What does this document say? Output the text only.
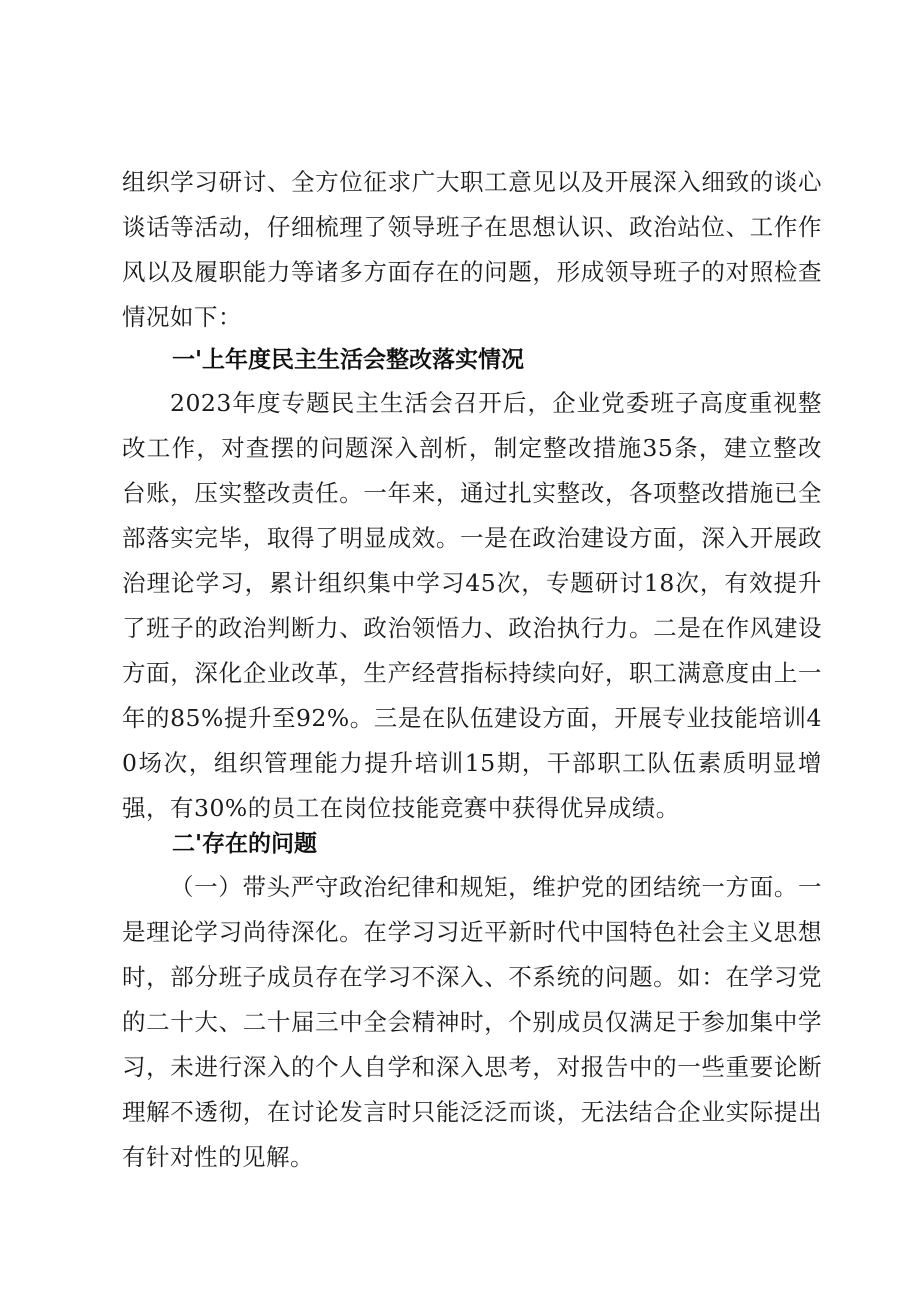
组织学习研讨、全方位征求广大职工意见以及开展深入细致的谈心谈话等活动，仔细梳理了领导班子在思想认识、政治站位、工作作风以及履职能力等诸多方面存在的问题，形成领导班子的对照检查情况如下：

一'上年度民主生活会整改落实情况

2023年度专题民主生活会召开后，企业党委班子高度重视整改工作，对查摆的问题深入剖析，制定整改措施35条，建立整改台账，压实整改责任。一年来，通过扎实整改，各项整改措施已全部落实完毕，取得了明显成效。一是在政治建设方面，深入开展政治理论学习，累计组织集中学习45次，专题研讨18次，有效提升了班子的政治判断力、政治领悟力、政治执行力。二是在作风建设方面，深化企业改革，生产经营指标持续向好，职工满意度由上一年的85%提升至92%。三是在队伍建设方面，开展专业技能培训40场次，组织管理能力提升培训15期，干部职工队伍素质明显增强，有30%的员工在岗位技能竞赛中获得优异成绩。

二'存在的问题

（一）带头严守政治纪律和规矩，维护党的团结统一方面。一是理论学习尚待深化。在学习习近平新时代中国特色社会主义思想时，部分班子成员存在学习不深入、不系统的问题。如：在学习党的二十大、二十届三中全会精神时，个别成员仅满足于参加集中学习，未进行深入的个人自学和深入思考，对报告中的一些重要论断理解不透彻，在讨论发言时只能泛泛而谈，无法结合企业实际提出有针对性的见解。
